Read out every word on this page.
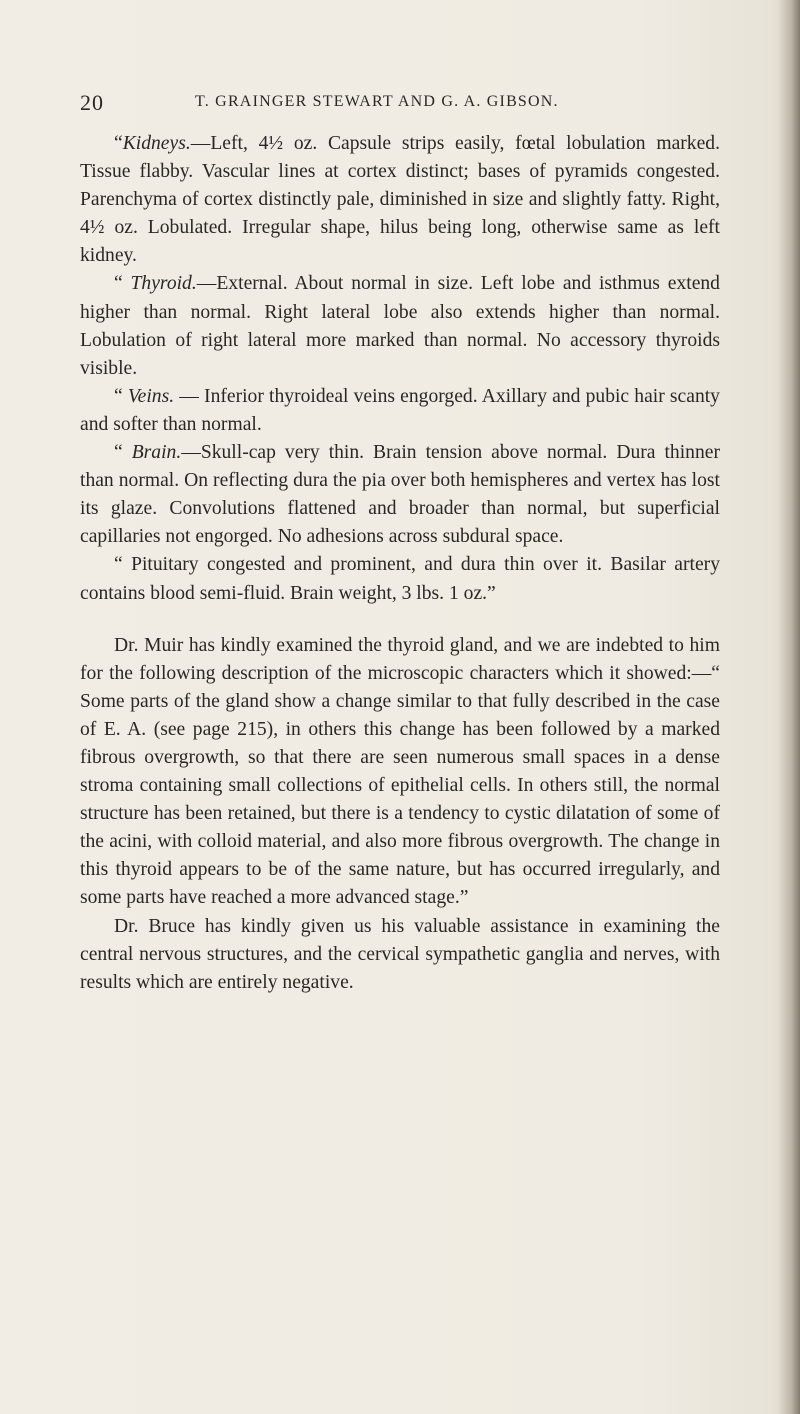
20	T. GRAINGER STEWART AND G. A. GIBSON.

“Kidneys.—Left, 4½ oz. Capsule strips easily, fœtal lobulation marked. Tissue flabby. Vascular lines at cortex distinct; bases of pyramids congested. Parenchyma of cortex distinctly pale, diminished in size and slightly fatty. Right, 4½ oz. Lobulated. Irregular shape, hilus being long, otherwise same as left kidney.

“ Thyroid.—External. About normal in size. Left lobe and isthmus extend higher than normal. Right lateral lobe also extends higher than normal. Lobulation of right lateral more marked than normal. No accessory thyroids visible.

“ Veins. — Inferior thyroideal veins engorged. Axillary and pubic hair scanty and softer than normal.

“ Brain.—Skull-cap very thin. Brain tension above normal. Dura thinner than normal. On reflecting dura the pia over both hemispheres and vertex has lost its glaze. Convolutions flattened and broader than normal, but superficial capillaries not engorged. No adhesions across subdural space.

“ Pituitary congested and prominent, and dura thin over it. Basilar artery contains blood semi-fluid. Brain weight, 3 lbs. 1 oz.”

Dr. Muir has kindly examined the thyroid gland, and we are indebted to him for the following description of the microscopic characters which it showed:—“ Some parts of the gland show a change similar to that fully described in the case of E. A. (see page 215), in others this change has been followed by a marked fibrous overgrowth, so that there are seen numerous small spaces in a dense stroma containing small collections of epithelial cells. In others still, the normal structure has been retained, but there is a tendency to cystic dilatation of some of the acini, with colloid material, and also more fibrous overgrowth. The change in this thyroid appears to be of the same nature, but has occurred irregularly, and some parts have reached a more advanced stage.”

Dr. Bruce has kindly given us his valuable assistance in examining the central nervous structures, and the cervical sympathetic ganglia and nerves, with results which are entirely negative.
